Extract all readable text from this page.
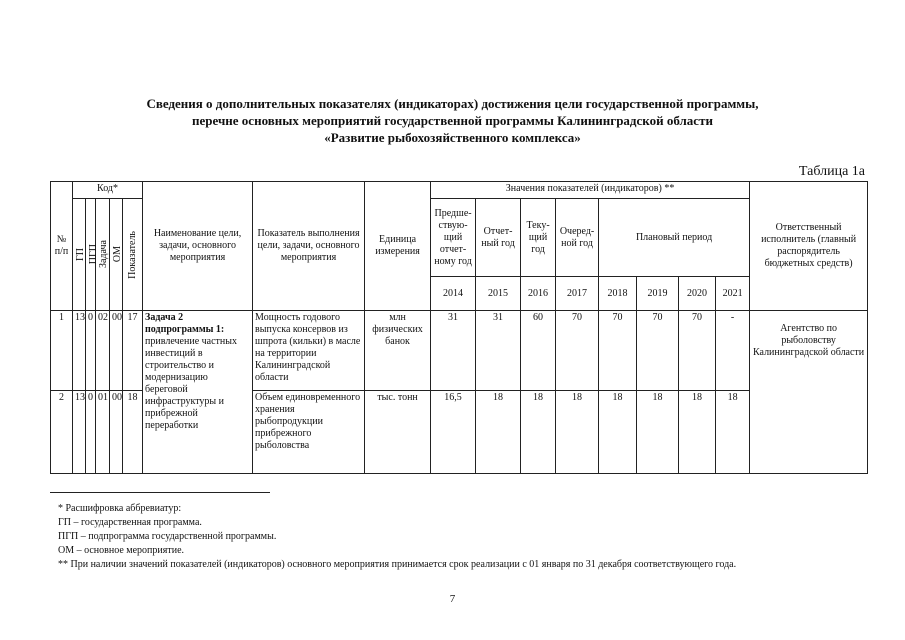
Сведения о дополнительных показателях (индикаторах) достижения цели государственной программы,
перечне основных мероприятий государственной программы Калининградской области
«Развитие рыбохозяйственного комплекса»
Таблица 1а
№ п/п	Код*					Наименование цели, задачи, основного мероприятия	Показатель выполнения цели, задачи, основного мероприятия	Единица измерения	Значения показателей (индикаторов) **								Ответственный исполнитель (главный распорядитель бюджетных средств)

	ГП	ПГП	Задача	ОМ	Показатель				Предше-ствую-щий отчет-ному год	Отчет-ный год	Теку-щий год	Очеред-ной год	Плановый период				
									2014	2015	2016	2017	2018	2019	2020	2021	
1	13	0	02	00	17	Задача 2 подпрограммы 1: привлечение частных инвестиций в строительство и модернизацию береговой инфраструктуры и прибрежной переработки	Мощность годового выпуска консервов из шпрота (кильки) в масле на территории Калининградской области	млн физических банок	31	31	60	70	70	70	70	-	Агентство по рыболовству Калининградской области
2	13	0	01	00	18		Объем единовременного хранения рыбопродукции прибрежного рыболовства	тыс. тонн	16,5	18	18	18	18	18	18	18	
* Расшифровка аббревиатур:
ГП – государственная программа.
ПГП – подпрограмма государственной программы.
ОМ – основное мероприятие.
** При наличии значений показателей (индикаторов) основного мероприятия принимается срок реализации с 01 января по 31 декабря соответствующего года.
7
